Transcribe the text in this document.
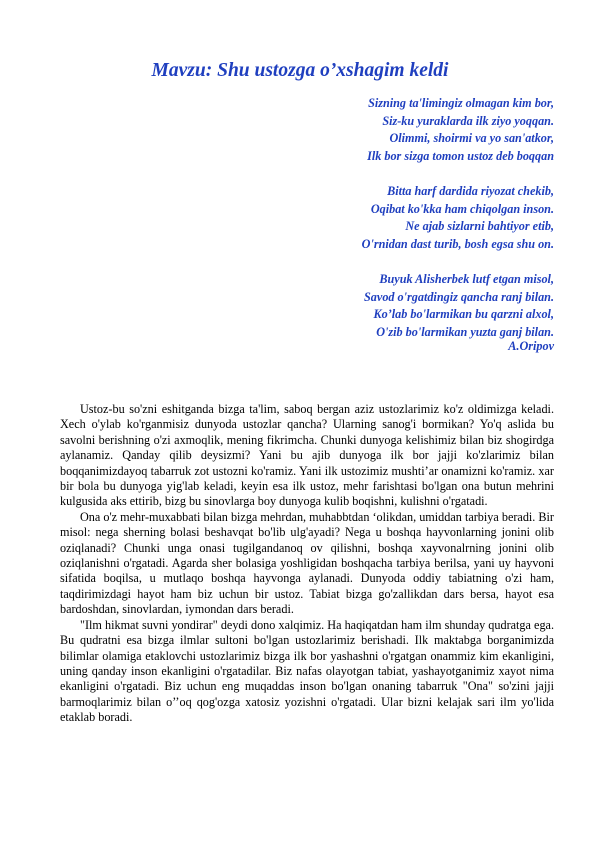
Mavzu: Shu ustozga o’xshagim keldi
Sizning ta'limingiz olmagan kim bor,
Siz-ku yuraklarda ilk ziyo yoqqan.
Olimmi, shoirmi va yo san'atkor,
Ilk bor sizga tomon ustoz deb boqqan
Bitta harf dardida riyozat chekib,
Oqibat ko'kka ham chiqolgan inson.
Ne ajab sizlarni bahtiyor etib,
O'rnidan dast turib, bosh egsa shu on.
Buyuk Alisherbek lutf etgan misol,
Savod o'rgatdingiz qancha ranj bilan.
Ko’lab bo'larmikan bu qarzni alxol,
O'zib bo'larmikan yuzta ganj bilan.
A.Oripov

Ustoz-bu so'zni eshitganda bizga ta'lim, saboq bergan aziz ustozlarimiz ko'z oldimizga keladi. Xech o'ylab ko'rganmisiz dunyoda ustozlar qancha? Ularning sanog'i bormikan? Yo'q aslida bu savolni berishning o'zi axmoqlik, mening fikrimcha. Chunki dunyoga kelishimiz bilan biz shogirdga aylanamiz. Qanday qilib deysizmi? Yani bu ajib dunyoga ilk bor jajji ko'zlarimiz bilan boqqanimizdayoq tabarruk zot ustozni ko'ramiz. Yani ilk ustozimiz mushti’ar onamizni ko'ramiz. xar bir bola bu dunyoga yig'lab keladi, keyin esa ilk ustoz, mehr farishtasi bo'lgan ona butun mehrini kulgusida aks ettirib, bizg bu sinovlarga boy dunyoga kulib boqishni, kulishni o'rgatadi.

Ona o'z mehr-muxabbati bilan bizga mehrdan, muhabbtdan ‘olikdan, umiddan tarbiya beradi. Bir misol: nega sherning bolasi beshavqat bo'lib ulg'ayadi? Nega u boshqa hayvonlarning jonini olib oziqlanadi? Chunki unga onasi tugilgandanoq ov qilishni, boshqa xayvonalrning jonini olib oziqlanishni o'rgatadi. Agarda sher bolasiga yoshligidan boshqacha tarbiya berilsa, yani uy hayvoni sifatida boqilsa, u mutlaqo boshqa hayvonga aylanadi. Dunyoda oddiy tabiatning o'zi ham, taqdirimizdagi hayot ham biz uchun bir ustoz. Tabiat bizga go'zallikdan dars bersa, hayot esa bardoshdan, sinovlardan, iymondan dars beradi.

"Ilm hikmat suvni yondirar" deydi dono xalqimiz. Ha haqiqatdan ham ilm shunday qudratga ega. Bu qudratni esa bizga ilmlar sultoni bo'lgan ustozlarimiz berishadi. Ilk maktabga borganimizda bilimlar olamiga etaklovchi ustozlarimiz bizga ilk bor yashashni o'rgatgan onammiz kim ekanligini, uning qanday inson ekanligini o'rgatadilar. Biz nafas olayotgan tabiat, yashayotganimiz xayot nima ekanligini o'rgatadi. Biz uchun eng muqaddas inson bo'lgan onaning tabarruk "Ona" so'zini jajji barmoqlarimiz bilan o’’oq qog'ozga xatosiz yozishni o'rgatadi. Ular bizni kelajak sari ilm yo'lida etaklab boradi.
